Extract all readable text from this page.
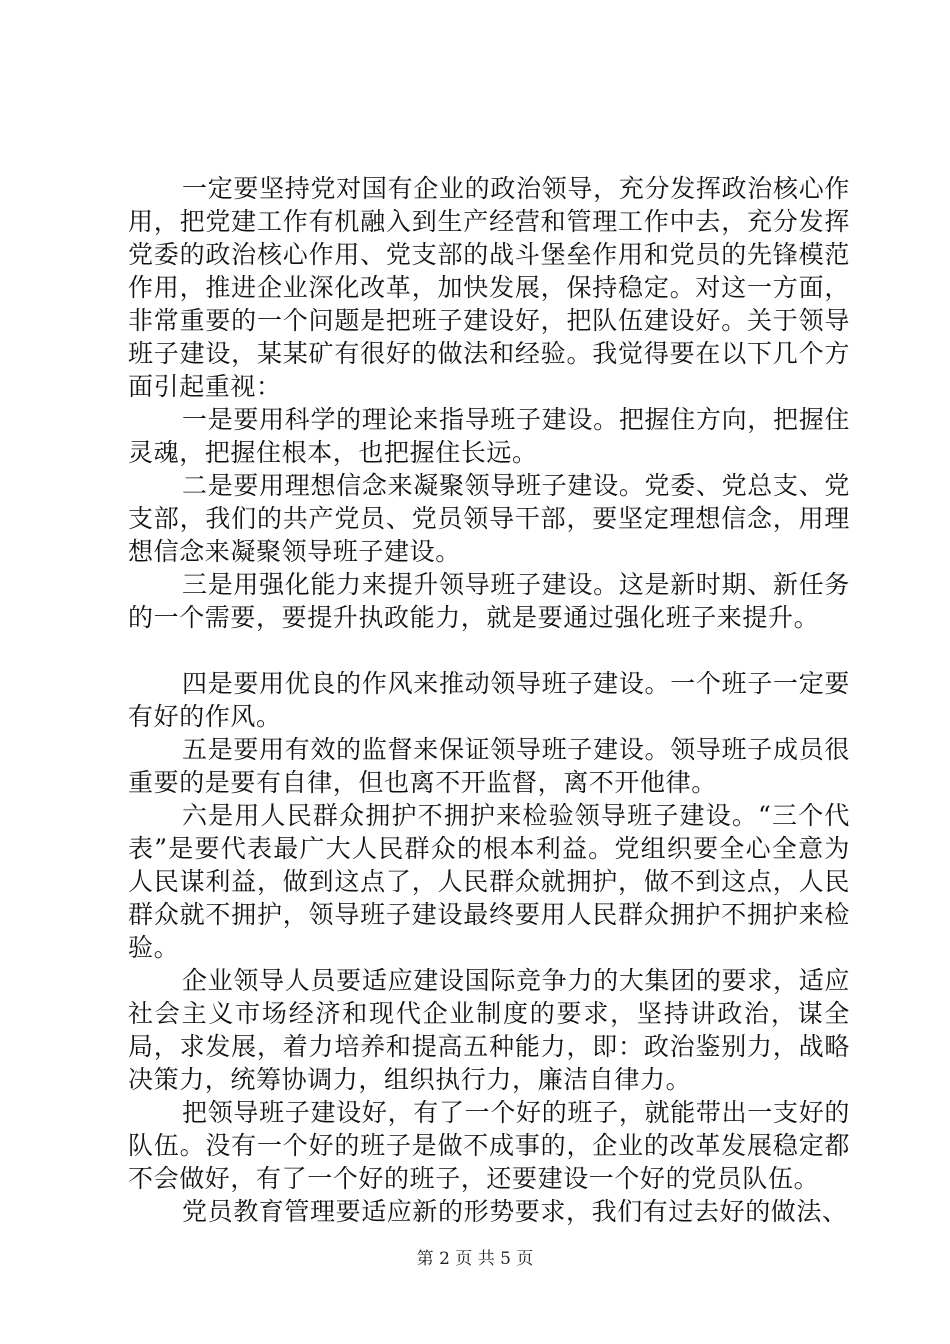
一定要坚持党对国有企业的政治领导，充分发挥政治核心作用，把党建工作有机融入到生产经营和管理工作中去，充分发挥党委的政治核心作用、党支部的战斗堡垒作用和党员的先锋模范作用，推进企业深化改革，加快发展，保持稳定。对这一方面，非常重要的一个问题是把班子建设好，把队伍建设好。关于领导班子建设，某某矿有很好的做法和经验。我觉得要在以下几个方面引起重视：

一是要用科学的理论来指导班子建设。把握住方向，把握住灵魂，把握住根本，也把握住长远。

二是要用理想信念来凝聚领导班子建设。党委、党总支、党支部，我们的共产党员、党员领导干部，要坚定理想信念，用理想信念来凝聚领导班子建设。

三是用强化能力来提升领导班子建设。这是新时期、新任务的一个需要，要提升执政能力，就是要通过强化班子来提升。

四是要用优良的作风来推动领导班子建设。一个班子一定要有好的作风。

五是要用有效的监督来保证领导班子建设。领导班子成员很重要的是要有自律，但也离不开监督，离不开他律。

六是用人民群众拥护不拥护来检验领导班子建设。“三个代表”是要代表最广大人民群众的根本利益。党组织要全心全意为人民谋利益，做到这点了，人民群众就拥护，做不到这点，人民群众就不拥护，领导班子建设最终要用人民群众拥护不拥护来检验。

企业领导人员要适应建设国际竞争力的大集团的要求，适应社会主义市场经济和现代企业制度的要求，坚持讲政治，谋全局，求发展，着力培养和提高五种能力，即：政治鉴别力，战略决策力，统筹协调力，组织执行力，廉洁自律力。

把领导班子建设好，有了一个好的班子，就能带出一支好的队伍。没有一个好的班子是做不成事的，企业的改革发展稳定都不会做好，有了一个好的班子，还要建设一个好的党员队伍。

党员教育管理要适应新的形势要求，我们有过去好的做法、

第 2 页 共 5 页
